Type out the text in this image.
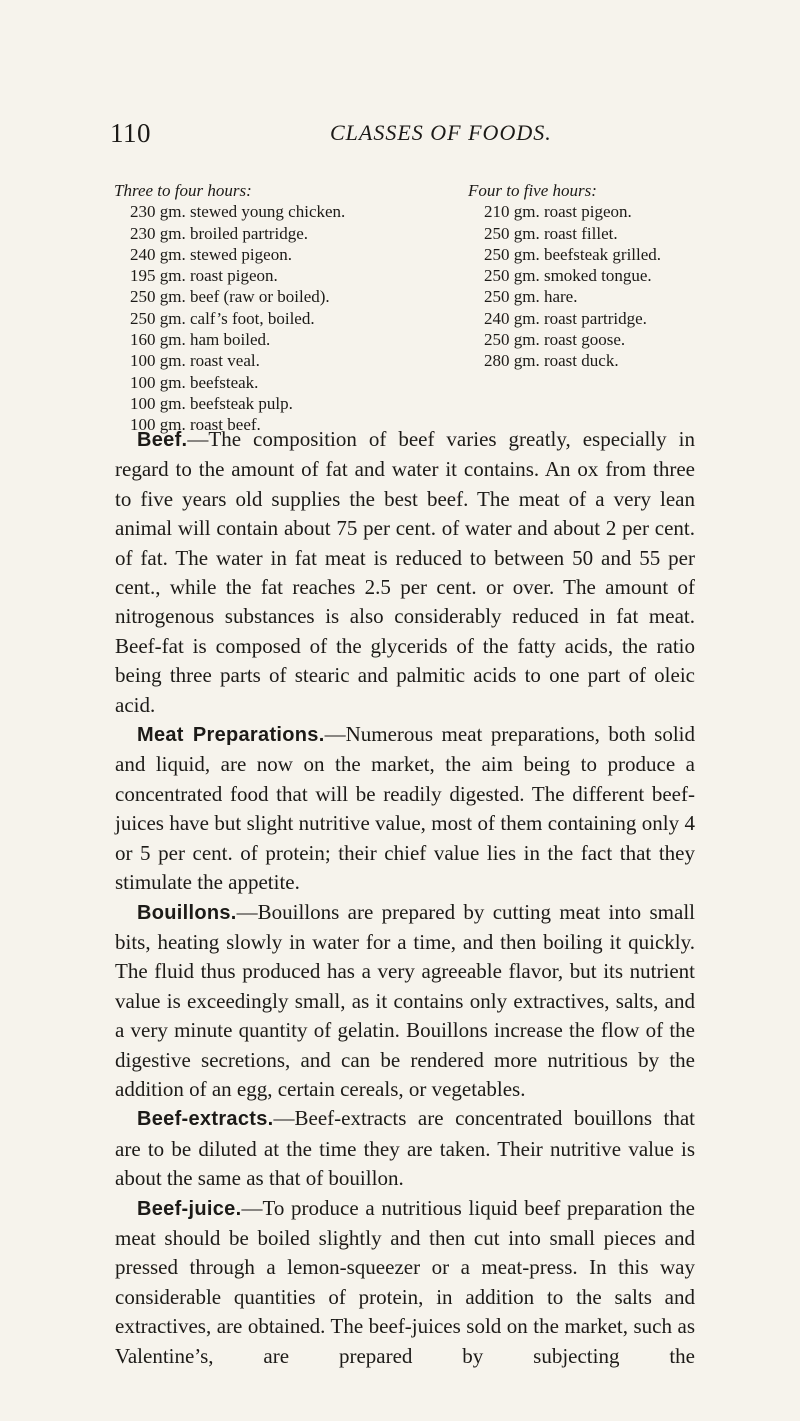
110	CLASSES OF FOODS.
Three to four hours:
230 gm. stewed young chicken.
230 gm. broiled partridge.
240 gm. stewed pigeon.
195 gm. roast pigeon.
250 gm. beef (raw or boiled).
250 gm. calf’s foot, boiled.
160 gm. ham boiled.
100 gm. roast veal.
100 gm. beefsteak.
100 gm. beefsteak pulp.
100 gm. roast beef.
Four to five hours:
210 gm. roast pigeon.
250 gm. roast fillet.
250 gm. beefsteak grilled.
250 gm. smoked tongue.
250 gm. hare.
240 gm. roast partridge.
250 gm. roast goose.
280 gm. roast duck.

Beef.—The composition of beef varies greatly, especially in regard to the amount of fat and water it contains. An ox from three to five years old supplies the best beef. The meat of a very lean animal will contain about 75 per cent. of water and about 2 per cent. of fat. The water in fat meat is reduced to between 50 and 55 per cent., while the fat reaches 2.5 per cent. or over. The amount of nitrogenous substances is also considerably reduced in fat meat. Beef-fat is composed of the glycerids of the fatty acids, the ratio being three parts of stearic and palmitic acids to one part of oleic acid.

Meat Preparations.—Numerous meat preparations, both solid and liquid, are now on the market, the aim being to produce a concentrated food that will be readily digested. The different beef-juices have but slight nutritive value, most of them containing only 4 or 5 per cent. of protein; their chief value lies in the fact that they stimulate the appetite.

Bouillons.—Bouillons are prepared by cutting meat into small bits, heating slowly in water for a time, and then boiling it quickly. The fluid thus produced has a very agreeable flavor, but its nutrient value is exceedingly small, as it contains only extractives, salts, and a very minute quantity of gelatin. Bouillons increase the flow of the digestive secretions, and can be rendered more nutritious by the addition of an egg, certain cereals, or vegetables.

Beef-extracts.—Beef-extracts are concentrated bouillons that are to be diluted at the time they are taken. Their nutritive value is about the same as that of bouillon.

Beef-juice.—To produce a nutritious liquid beef preparation the meat should be boiled slightly and then cut into small pieces and pressed through a lemon-squeezer or a meat-press. In this way considerable quantities of protein, in addition to the salts and extractives, are obtained. The beef-juices sold on the market, such as Valentine’s, are prepared by subjecting the
